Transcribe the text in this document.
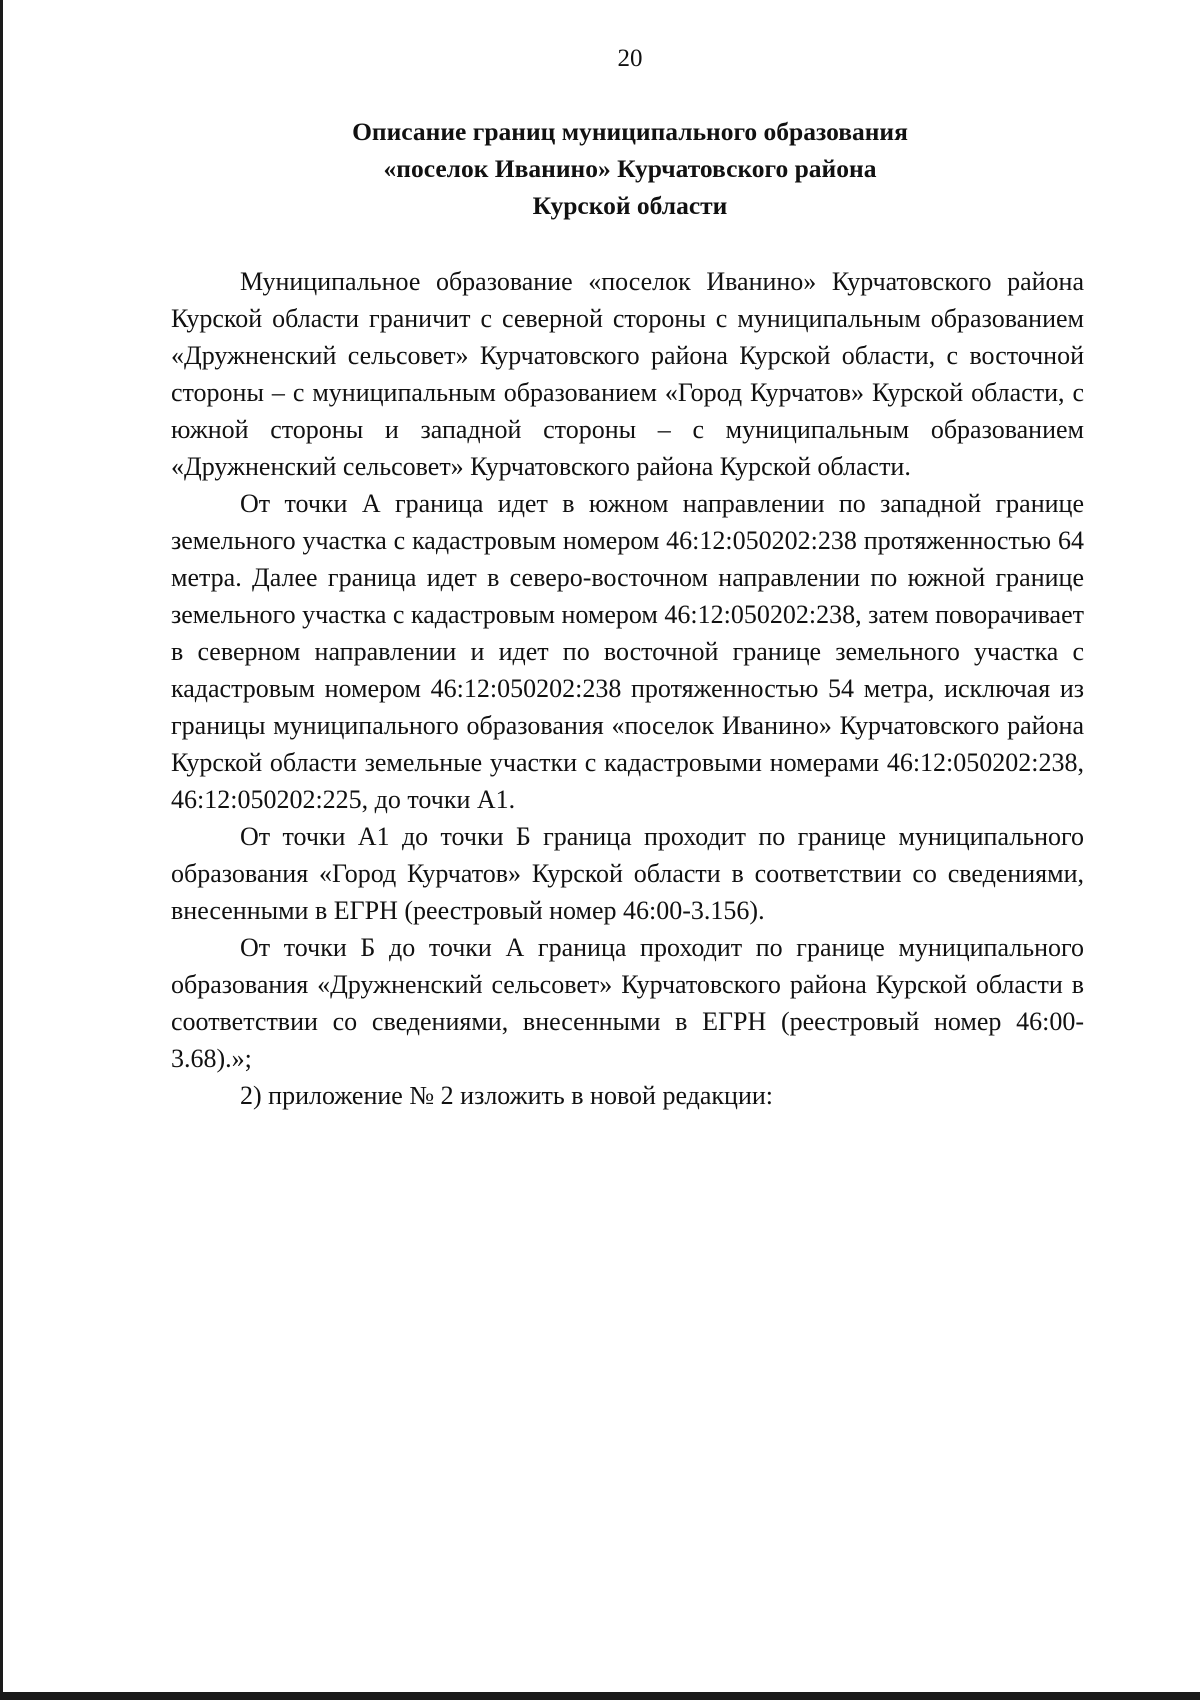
20
Описание границ муниципального образования
«поселок Иванино» Курчатовского района
Курской области

Муниципальное образование «поселок Иванино» Курчатовского района Курской области граничит с северной стороны с муниципальным образованием «Дружненский сельсовет» Курчатовского района Курской области, с восточной стороны – с муниципальным образованием «Город Курчатов» Курской области, с южной стороны и западной стороны – с муниципальным образованием «Дружненский сельсовет» Курчатовского района Курской области.

От точки А граница идет в южном направлении по западной границе земельного участка с кадастровым номером 46:12:050202:238 протяженностью 64 метра. Далее граница идет в северо-восточном направлении по южной границе земельного участка с кадастровым номером 46:12:050202:238, затем поворачивает в северном направлении и идет по восточной границе земельного участка с кадастровым номером 46:12:050202:238 протяженностью 54 метра, исключая из границы муниципального образования «поселок Иванино» Курчатовского района Курской области земельные участки с кадастровыми номерами 46:12:050202:238, 46:12:050202:225, до точки А1.

От точки А1 до точки Б граница проходит по границе муниципального образования «Город Курчатов» Курской области в соответствии со сведениями, внесенными в ЕГРН (реестровый номер 46:00-3.156).

От точки Б до точки А граница проходит по границе муниципального образования «Дружненский сельсовет» Курчатовского района Курской области в соответствии со сведениями, внесенными в ЕГРН (реестровый номер 46:00-3.68).»;

2) приложение № 2 изложить в новой редакции:
